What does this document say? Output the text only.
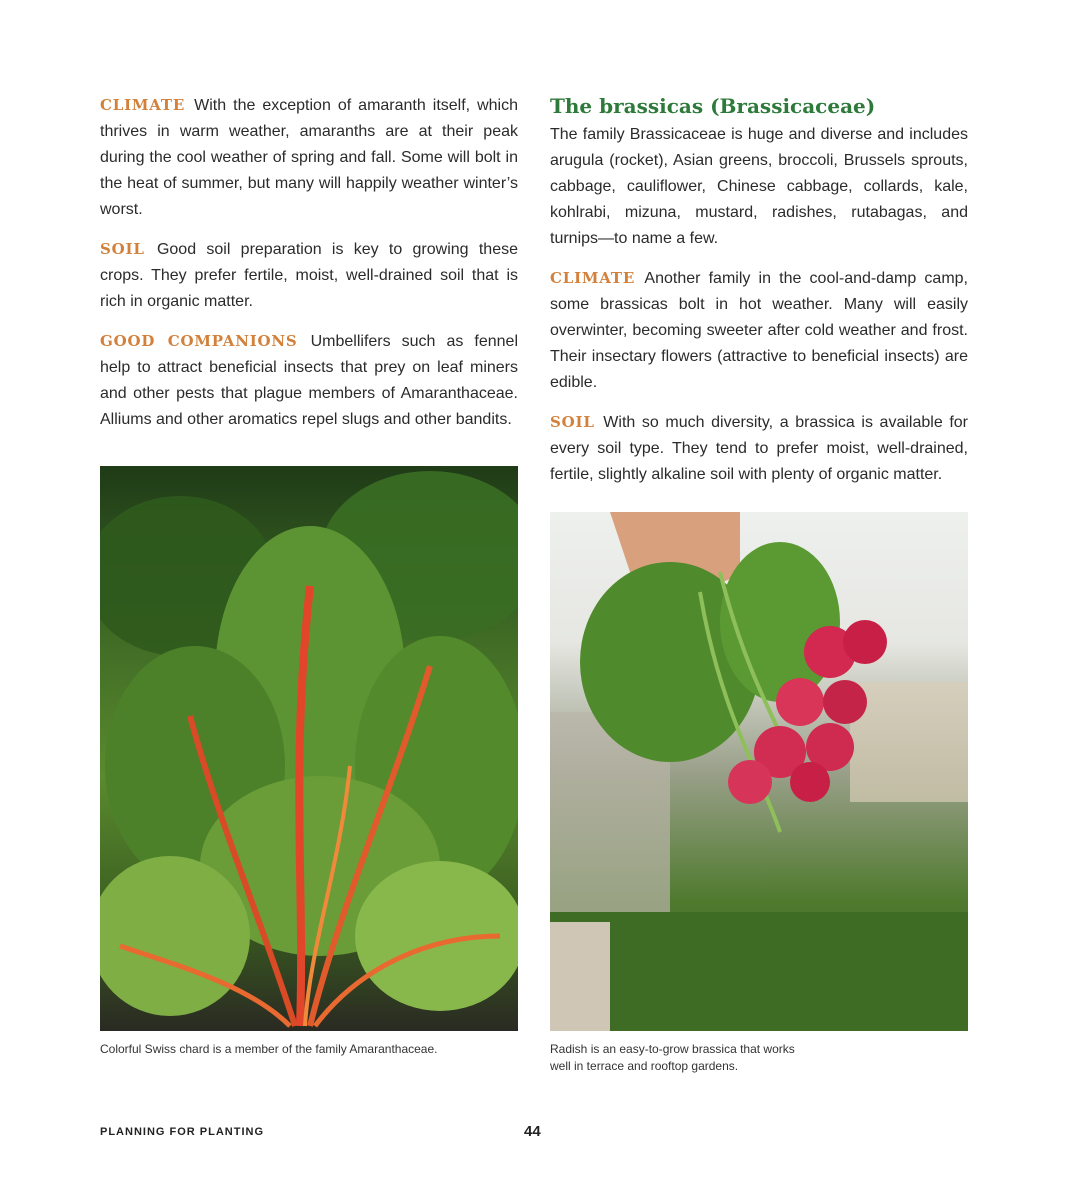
CLIMATE With the exception of amaranth itself, which thrives in warm weather, amaranths are at their peak during the cool weather of spring and fall. Some will bolt in the heat of summer, but many will happily weather winter’s worst.

SOIL Good soil preparation is key to growing these crops. They prefer fertile, moist, well-drained soil that is rich in organic matter.

GOOD COMPANIONS Umbellifers such as fennel help to attract beneficial insects that prey on leaf miners and other pests that plague members of Amaranthaceae. Alliums and other aromatics repel slugs and other bandits.

The brassicas (Brassicaceae)

The family Brassicaceae is huge and diverse and includes arugula (rocket), Asian greens, broccoli, Brussels sprouts, cabbage, cauliflower, Chinese cabbage, collards, kale, kohlrabi, mizuna, mustard, radishes, rutabagas, and turnips—to name a few.

CLIMATE Another family in the cool-and-damp camp, some brassicas bolt in hot weather. Many will easily overwinter, becoming sweeter after cold weather and frost. Their insectary flowers (attractive to beneficial insects) are edible.

SOIL With so much diversity, a brassica is available for every soil type. They tend to prefer moist, well-drained, fertile, slightly alkaline soil with plenty of organic matter.

Colorful Swiss chard is a member of the family Amaranthaceae.	Radish is an easy-to-grow brassica that works
well in terrace and rooftop gardens.
PLANNING FOR PLANTING	44
